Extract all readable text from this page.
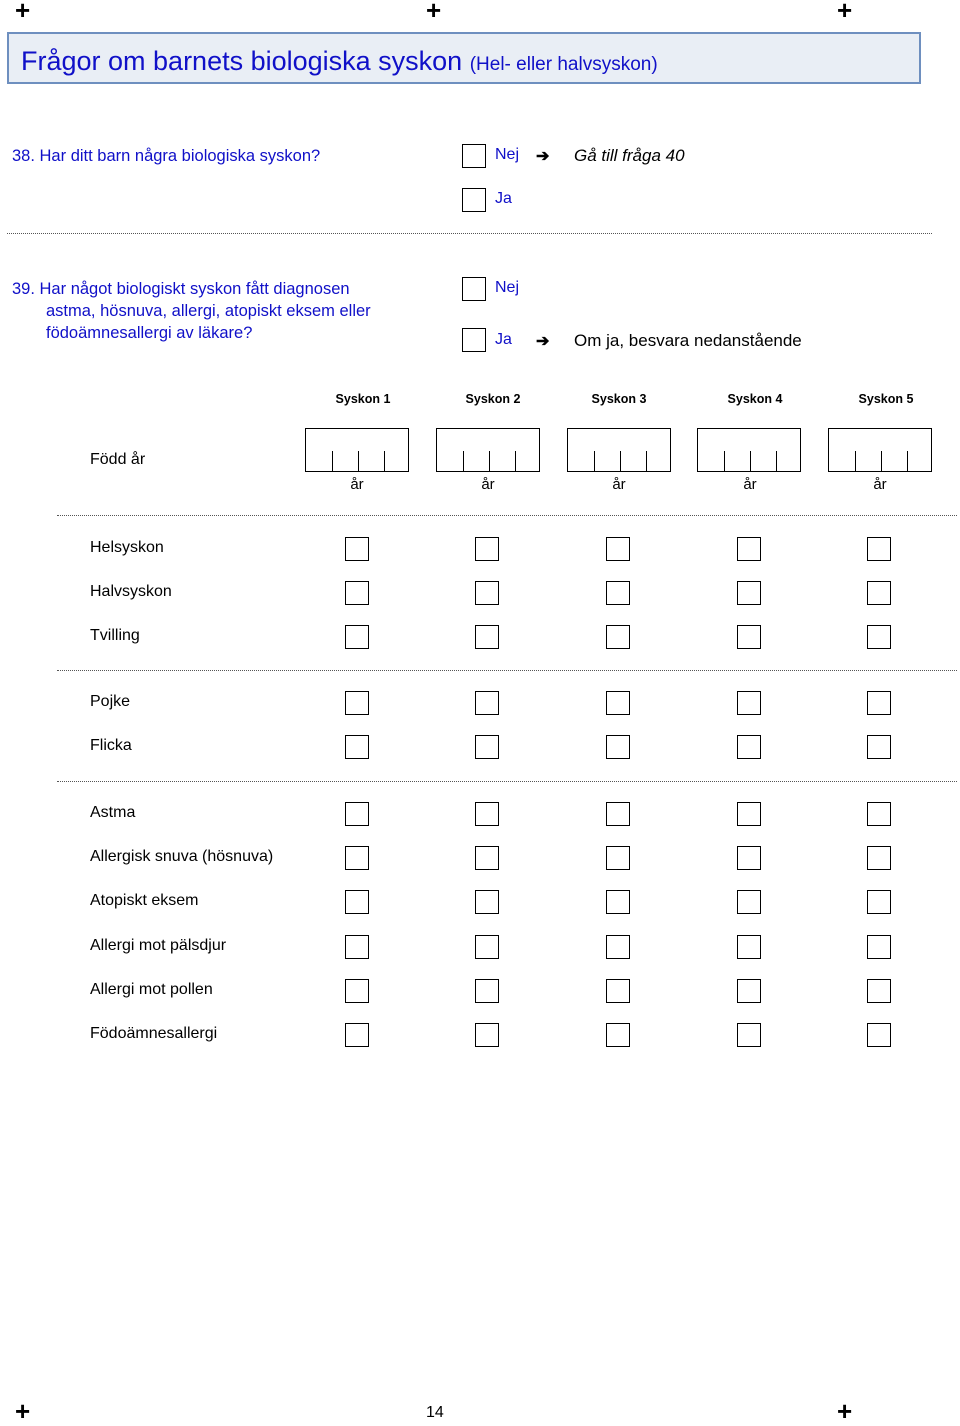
+	+	+
+	+
Frågor om barnets biologiska syskon (Hel- eller halvsyskon)
38. Har ditt barn några biologiska syskon?	Nej ➔ Gå till fråga 40
Ja
39. Har något biologiskt syskon fått diagnosen
astma, hösnuva, allergi, atopiskt eksem eller
födoämnesallergi av läkare?
Nej
Ja ➔ Om ja, besvara nedanstående
Syskon 1	Syskon 2	Syskon 3	Syskon 4	Syskon 5
Född år
år	år	år	år	år
Helsyskon
Halvsyskon
Tvilling
Pojke
Flicka
Astma
Allergisk snuva (hösnuva)
Atopiskt eksem
Allergi mot pälsdjur
Allergi mot pollen
Födoämnesallergi
14
